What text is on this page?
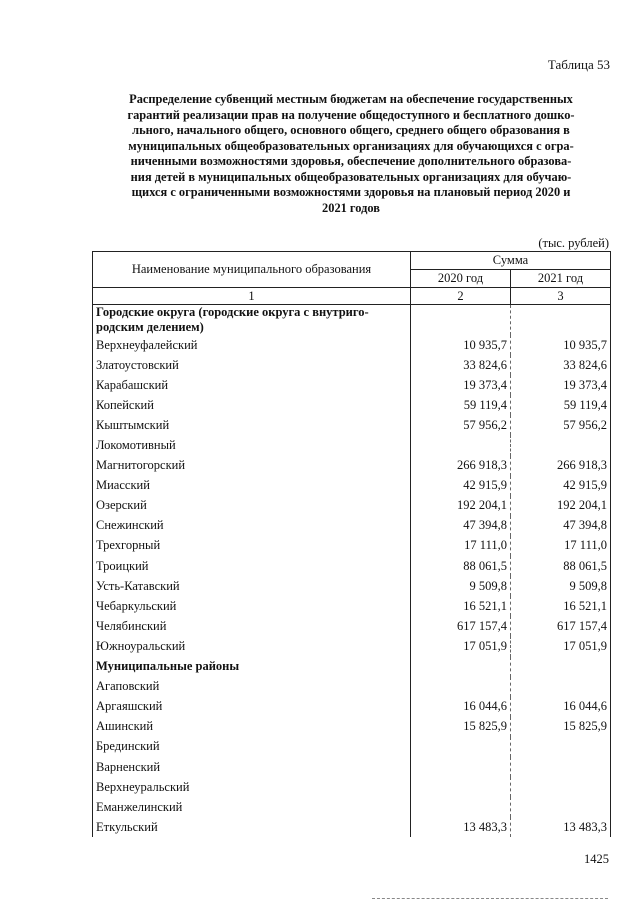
Таблица 53
Распределение субвенций местным бюджетам на обеспечение государственных
гарантий реализации прав на получение общедоступного и бесплатного дошко-
льного, начального общего, основного общего, среднего общего образования в
муниципальных общеобразовательных организациях для обучающихся с огра-
ниченными возможностями здоровья, обеспечение дополнительного образова-
ния детей в муниципальных общеобразовательных организациях для обучаю-
щихся с ограниченными возможностями здоровья на плановый период 2020 и
2021 годов
(тыс. рублей)
Наименование муниципального образования	Сумма	
	2020 год	2021 год
1	2	3
Городские округа (городские округа с внутриго-родским делением)		
Верхнеуфалейский	10 935,7	10 935,7
Златоустовский	33 824,6	33 824,6
Карабашский	19 373,4	19 373,4
Копейский	59 119,4	59 119,4
Кыштымский	57 956,2	57 956,2
Локомотивный		
Магнитогорский	266 918,3	266 918,3
Миасский	42 915,9	42 915,9
Озерский	192 204,1	192 204,1
Снежинский	47 394,8	47 394,8
Трехгорный	17 111,0	17 111,0
Троицкий	88 061,5	88 061,5
Усть-Катавский	9 509,8	9 509,8
Чебаркульский	16 521,1	16 521,1
Челябинский	617 157,4	617 157,4
Южноуральский	17 051,9	17 051,9
Муниципальные районы		
Агаповский		
Аргаяшский	16 044,6	16 044,6
Ашинский	15 825,9	15 825,9
Брединский		
Варненский		
Верхнеуральский		
Еманжелинский		
Еткульский	13 483,3	13 483,3
1425
